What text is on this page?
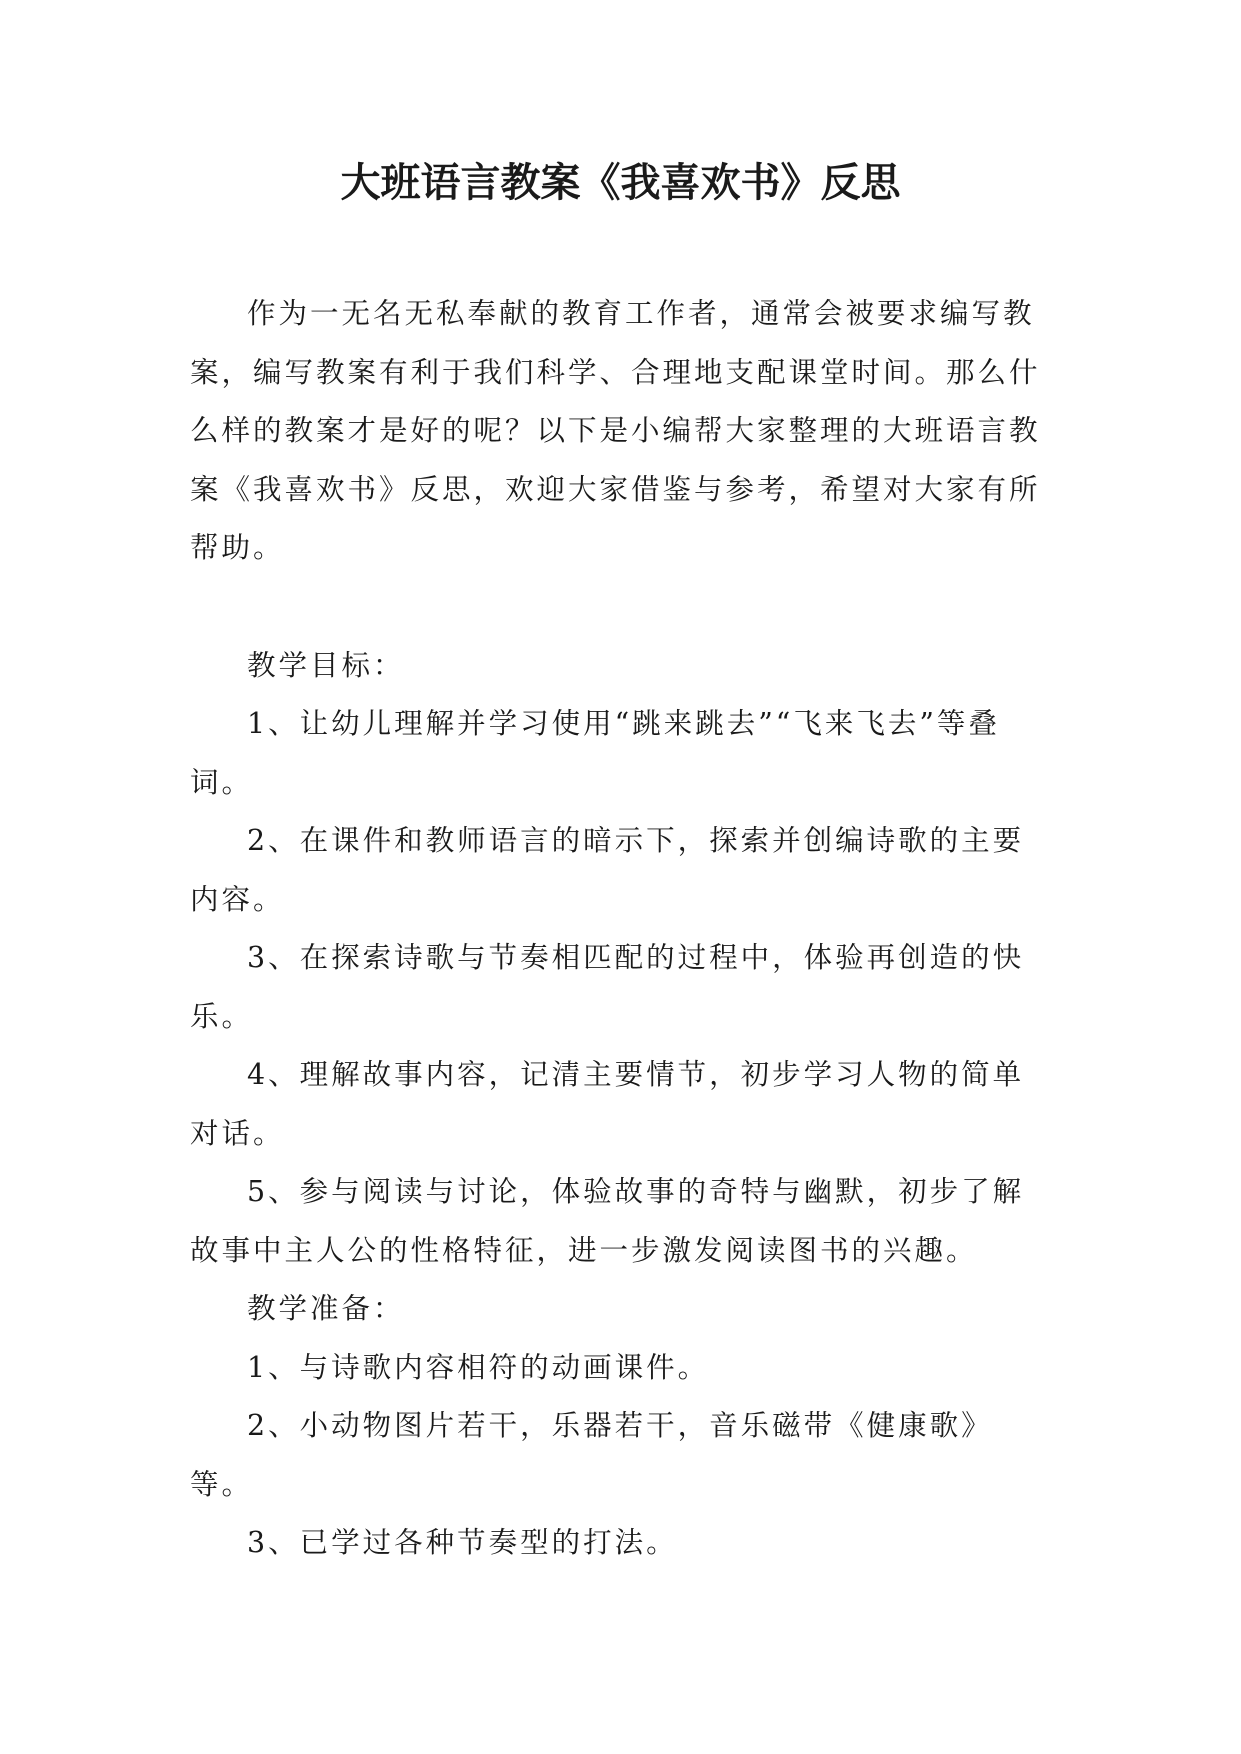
大班语言教案《我喜欢书》反思

作为一无名无私奉献的教育工作者，通常会被要求编写教案，编写教案有利于我们科学、合理地支配课堂时间。那么什么样的教案才是好的呢？以下是小编帮大家整理的大班语言教案《我喜欢书》反思，欢迎大家借鉴与参考，希望对大家有所帮助。

教学目标：

1、让幼儿理解并学习使用“跳来跳去”“飞来飞去”等叠词。

2、在课件和教师语言的暗示下，探索并创编诗歌的主要内容。

3、在探索诗歌与节奏相匹配的过程中，体验再创造的快乐。

4、理解故事内容，记清主要情节，初步学习人物的简单对话。

5、参与阅读与讨论，体验故事的奇特与幽默，初步了解故事中主人公的性格特征，进一步激发阅读图书的兴趣。

教学准备：

1、与诗歌内容相符的动画课件。

2、小动物图片若干，乐器若干，音乐磁带《健康歌》等。

3、已学过各种节奏型的打法。
